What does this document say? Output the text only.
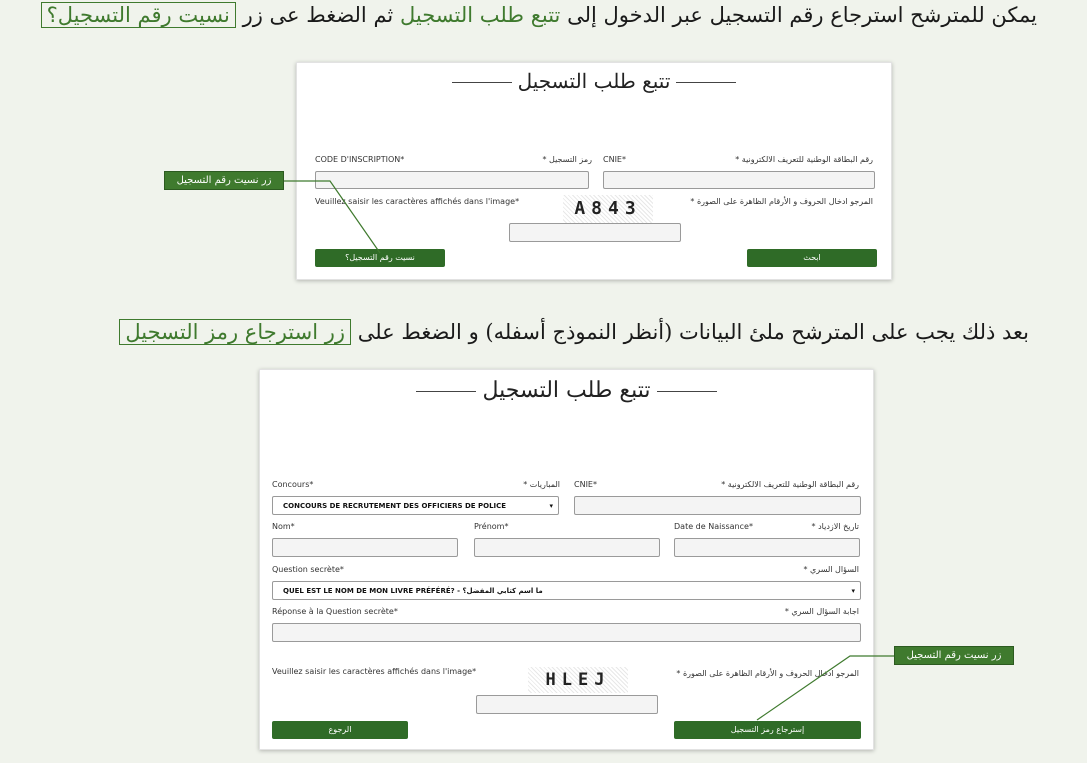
يمكن للمترشح استرجاع رقم التسجيل عبر الدخول إلى تتبع طلب التسجيل ثم الضغط عى زر نسيت رقم التسجيل؟
تتبع طلب التسجيل
CODE D'INSCRIPTION*	رمز التسجيل * CNIE*	رقم البطاقة الوطنية للتعريف الالكترونية *
Veuillez saisir les caractères affichés dans l'image*	المرجو ادخال الحروف و الأرقام الظاهرة على الصورة *
A843
نسيت رقم التسجيل؟	ابحث
زر نسيت رقم التسجيل
بعد ذلك يجب على المترشح ملئ البيانات (أنظر النموذج أسفله) و الضغط على زر استرجاع رمز التسجيل
تتبع طلب التسجيل
Concours*	المباريات * CNIE*	رقم البطاقة الوطنية للتعريف الالكترونية *
CONCOURS DE RECRUTEMENT DES OFFICIERS DE POLICE	▾
Nom*	Prénom*	Date de Naissance*	تاريخ الازدياد *
Question secrète*	السؤال السري *
QUEL EST LE NOM DE MON LIVRE PRÉFÉRÉ? - ما اسم كتابي المفضل؟	▾
Réponse à la Question secrète*	اجابة السؤال السري *
Veuillez saisir les caractères affichés dans l'image*	المرجو ادخال الحروف و الأرقام الظاهرة على الصورة *
HLEJ
الرجوع	إسترجاع رمز التسجيل
زر نسيت رقم التسجيل
